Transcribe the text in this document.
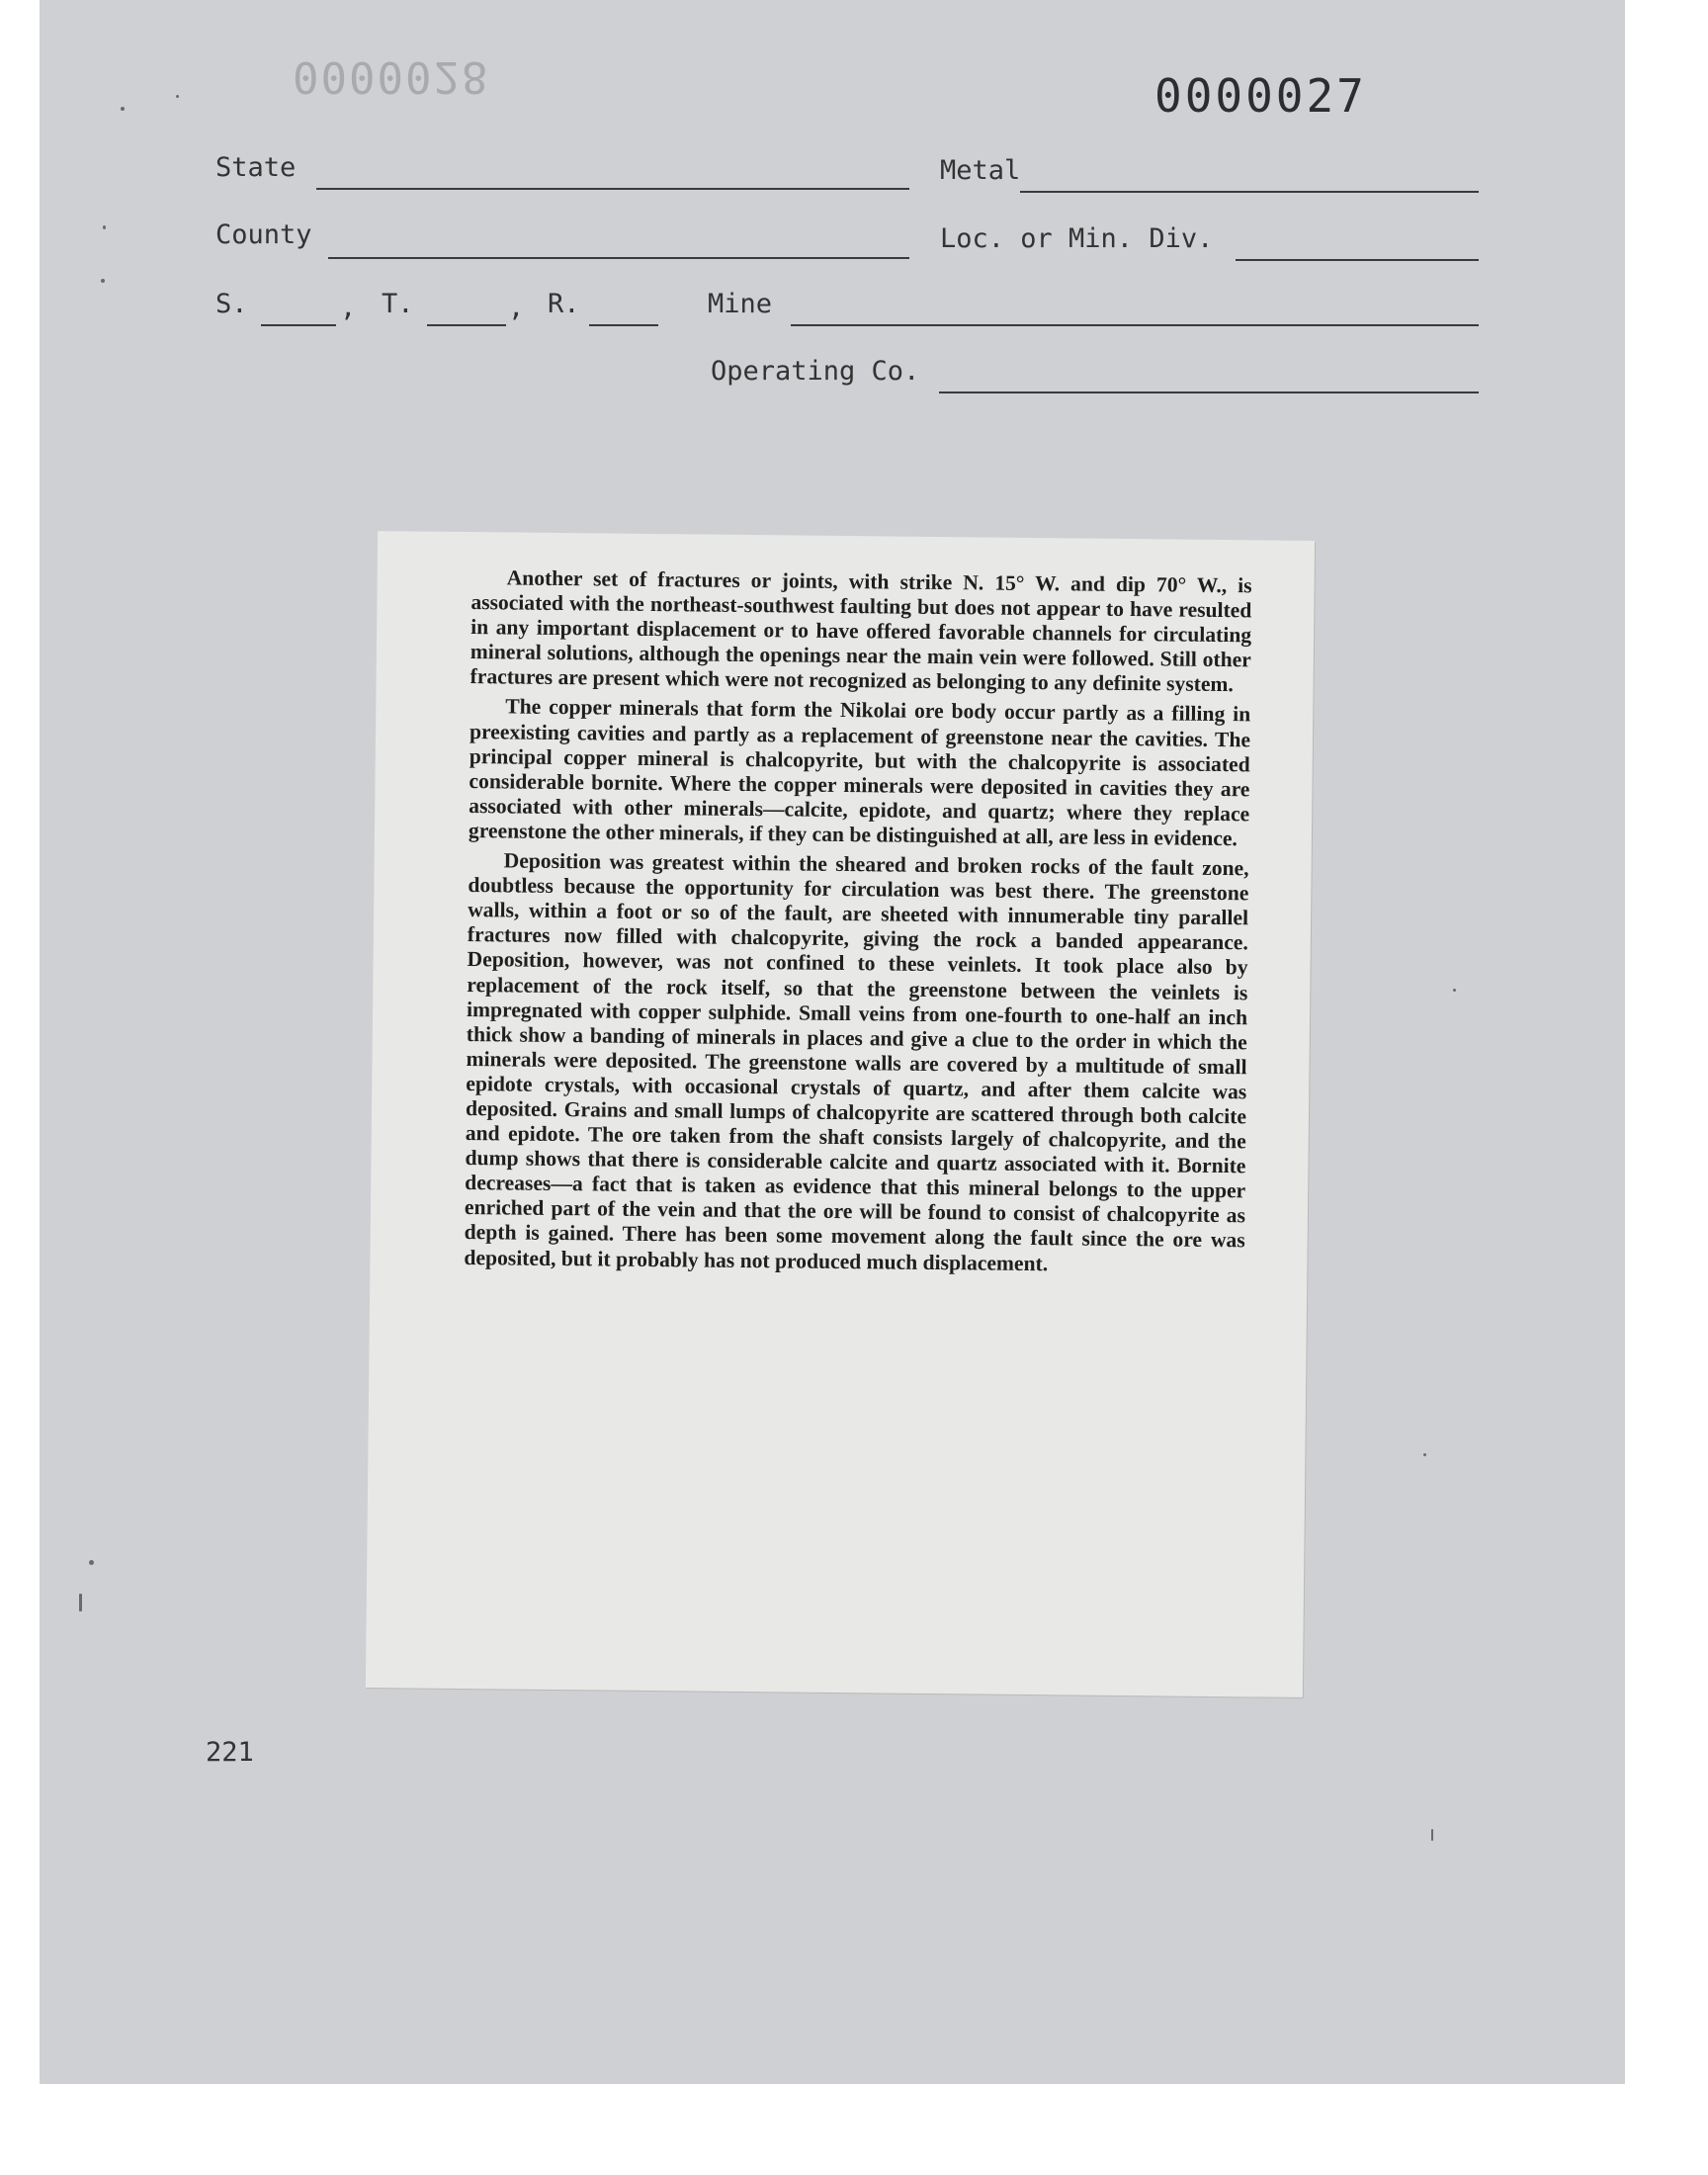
0000028	0000027
State	Metal
County	Loc. or Min. Div.
S.	, T.	, R.	Mine
Operating Co.

Another set of fractures or joints, with strike N. 15° W. and dip 70° W., is associated with the northeast-southwest faulting but does not appear to have resulted in any important displacement or to have offered favorable channels for circulating mineral solutions, although the openings near the main vein were followed. Still other fractures are present which were not recognized as belonging to any definite system.

The copper minerals that form the Nikolai ore body occur partly as a filling in preexisting cavities and partly as a replacement of greenstone near the cavities. The principal copper mineral is chalcopyrite, but with the chalcopyrite is associated considerable bornite. Where the copper minerals were deposited in cavities they are associated with other minerals—calcite, epidote, and quartz; where they replace greenstone the other minerals, if they can be distinguished at all, are less in evidence.

Deposition was greatest within the sheared and broken rocks of the fault zone, doubtless because the opportunity for circulation was best there. The greenstone walls, within a foot or so of the fault, are sheeted with innumerable tiny parallel fractures now filled with chalcopyrite, giving the rock a banded appearance. Deposition, however, was not confined to these veinlets. It took place also by replacement of the rock itself, so that the greenstone between the veinlets is impregnated with copper sulphide. Small veins from one-fourth to one-half an inch thick show a banding of minerals in places and give a clue to the order in which the minerals were deposited. The greenstone walls are covered by a multitude of small epidote crystals, with occasional crystals of quartz, and after them calcite was deposited. Grains and small lumps of chalcopyrite are scattered through both calcite and epidote. The ore taken from the shaft consists largely of chalcopyrite, and the dump shows that there is considerable calcite and quartz associated with it. Bornite decreases—a fact that is taken as evidence that this mineral belongs to the upper enriched part of the vein and that the ore will be found to consist of chalcopyrite as depth is gained. There has been some movement along the fault since the ore was deposited, but it probably has not produced much displacement.

221
